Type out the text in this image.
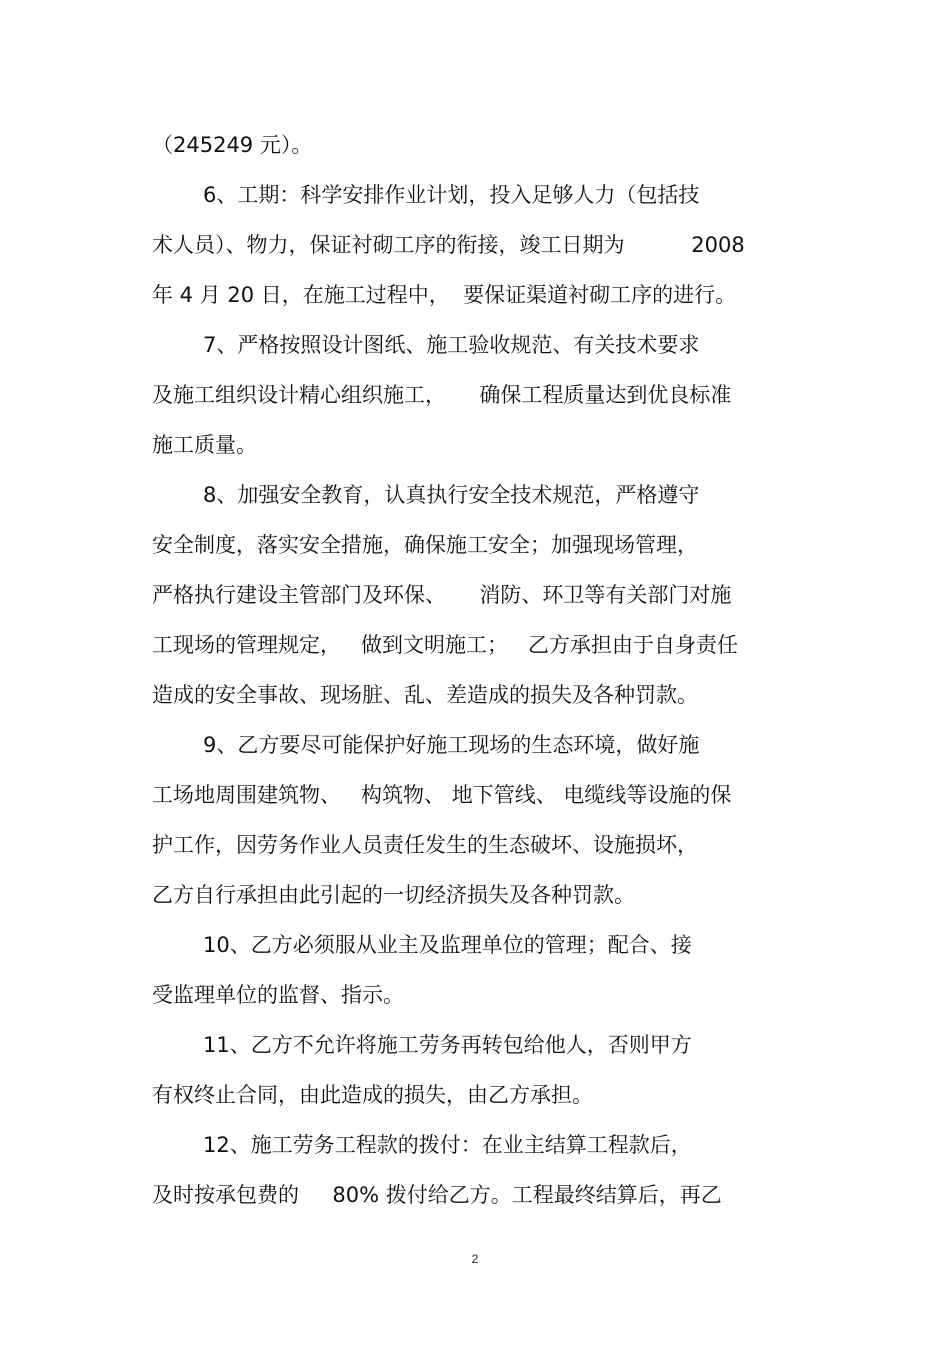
（245249 元）。
6、工期：科学安排作业计划，投入足够人力（包括技
术人员）、物力，保证衬砌工序的衔接，竣工日期为          2008
年 4 月 20 日，在施工过程中，  要保证渠道衬砌工序的进行。
7、严格按照设计图纸、施工验收规范、有关技术要求
及施工组织设计精心组织施工，     确保工程质量达到优良标准
施工质量。
8、加强安全教育，认真执行安全技术规范，严格遵守
安全制度，落实安全措施，确保施工安全；加强现场管理，
严格执行建设主管部门及环保、     消防、环卫等有关部门对施
工现场的管理规定，   做到文明施工；   乙方承担由于自身责任
造成的安全事故、现场脏、乱、差造成的损失及各种罚款。
9、乙方要尽可能保护好施工现场的生态环境，做好施
工场地周围建筑物、   构筑物、 地下管线、 电缆线等设施的保
护工作，因劳务作业人员责任发生的生态破坏、设施损坏，
乙方自行承担由此引起的一切经济损失及各种罚款。
10、乙方必须服从业主及监理单位的管理；配合、接
受监理单位的监督、指示。
11、乙方不允许将施工劳务再转包给他人，否则甲方
有权终止合同，由此造成的损失，由乙方承担。
12、施工劳务工程款的拨付：在业主结算工程款后，
及时按承包费的     80% 拨付给乙方。工程最终结算后，再乙
2
